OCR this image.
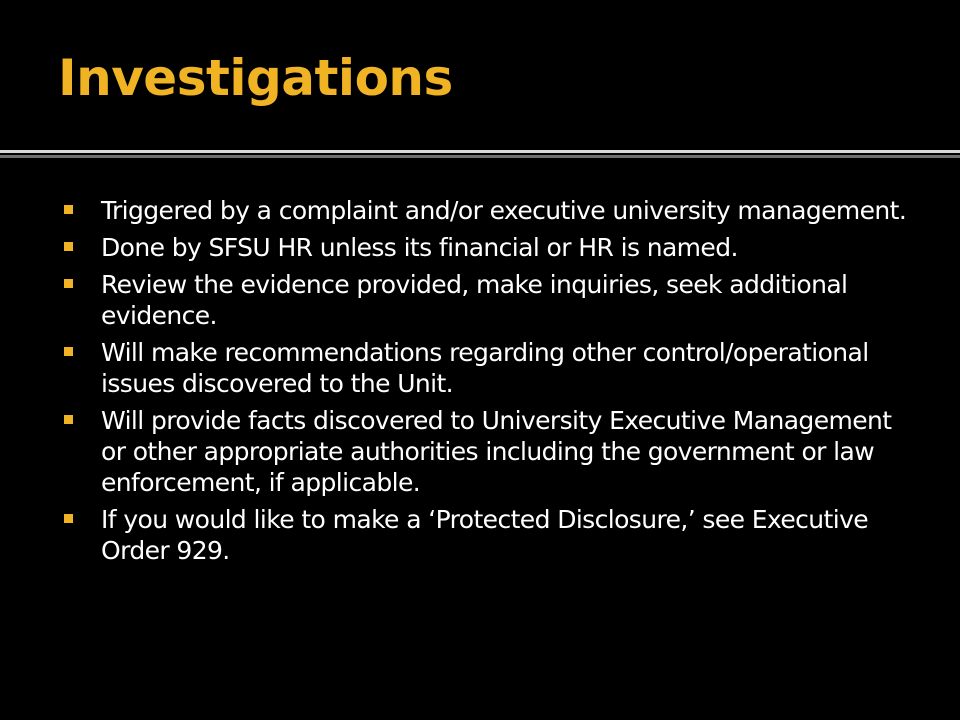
Investigations
Triggered by a complaint and/or executive university management.
Done by SFSU HR unless its financial or HR is named.
Review the evidence provided, make inquiries, seek additional evidence.
Will make recommendations regarding other control/operational issues discovered to the Unit.
Will provide facts discovered to University Executive Management or other appropriate authorities including the government or law enforcement, if applicable.
If you would like to make a ‘Protected Disclosure,’ see Executive Order 929.
